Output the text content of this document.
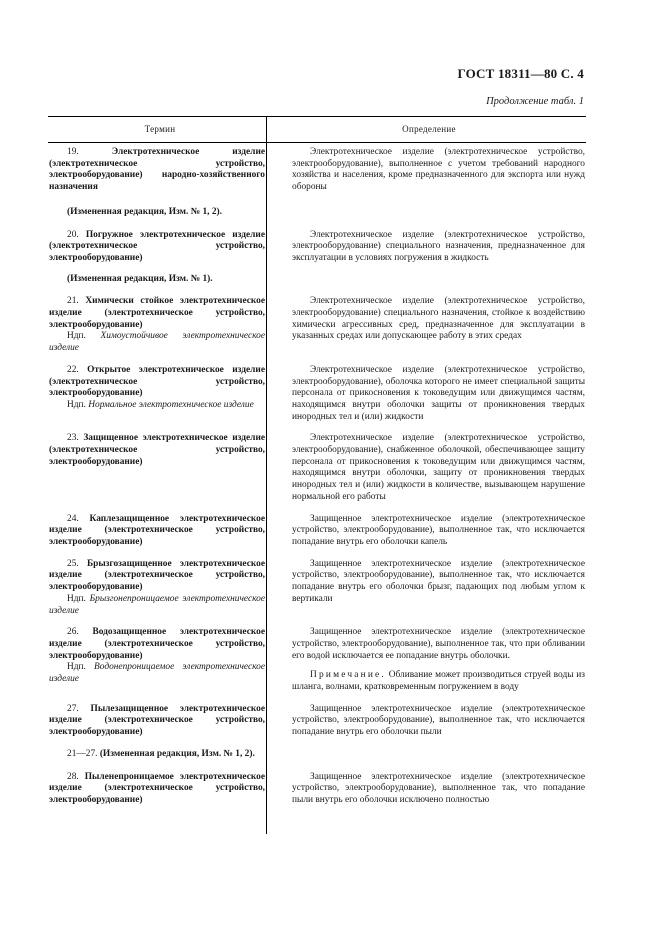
ГОСТ 18311—80 С. 4
Продолжение табл. 1
Термин	Определение
19.	Электротехническое изделие (электротехническое устройство, электрооборудование) народно-хозяйственного назначения
Электротехническое изделие (электротехническое устройство, электрооборудование), выполненное с учетом требований народного хозяйства и населения, кроме предназначенного для экспорта или нужд обороны
(Измененная редакция, Изм. № 1, 2).
20. Погружное электротехническое изделие (электротехническое устройство, электрооборудование)
Электротехническое изделие (электротехническое устройство, электрооборудование) специального назначения, предназначенное для эксплуатации в условиях погружения в жидкость
(Измененная редакция, Изм. № 1).
21. Химически стойкое электротехническое изделие (электротехническое устройство, электрооборудование)
Ндп. Химоустойчивое электротехническое изделие
Электротехническое изделие (электротехническое устройство, электрооборудование) специального назначения, стойкое к воздействию химически агрессивных сред, предназначенное для эксплуатации в указанных средах или допускающее работу в этих средах
22. Открытое электротехническое изделие (электротехническое устройство, электрооборудование)
Ндп. Нормальное электротехническое изделие
Электротехническое изделие (электротехническое устройство, электрооборудование), оболочка которого не имеет специальной защиты персонала от прикосновения к токоведущим или движущимся частям, находящимся внутри оболочки защиты от проникновения твердых инородных тел и (или) жидкости
23. Защищенное электротехническое изделие (электротехническое устройство, электрооборудование)
Электротехническое изделие (электротехническое устройство, электрооборудование), снабженное оболочкой, обеспечивающее защиту персонала от прикосновения к токоведущим или движущимся частям, находящимся внутри оболочки, защиту от проникновения твердых инородных тел и (или) жидкости в количестве, вызывающем нарушение нормальной его работы
24. Каплезащищенное электротехническое изделие (электротехническое устройство, электрооборудование)
Защищенное электротехническое изделие (электротехническое устройство, электрооборудование), выполненное так, что исключается попадание внутрь его оболочки капель
25. Брызгозащищенное электротехническое изделие (электротехническое устройство, электрооборудование)
Ндп. Брызгонепроницаемое электротехническое изделие
Защищенное электротехническое изделие (электротехническое устройство, электрооборудование), выполненное так, что исключается попадание внутрь его оболочки брызг, падающих под любым углом к вертикали
26. Водозащищенное электротехническое изделие (электротехническое устройство, электрооборудование)
Ндп. Водонепроницаемое электротехническое изделие
Защищенное электротехническое изделие (электротехническое устройство, электрооборудование), выполненное так, что при обливании его водой исключается ее попадание внутрь оболочки.
Примечание. Обливание может производиться струей воды из шланга, волнами, кратковременным погружением в воду
27. Пылезащищенное электротехническое изделие (электротехническое устройство, электрооборудование)
Защищенное электротехническое изделие (электротехническое устройство, электрооборудование), выполненное так, что исключается попадание внутрь его оболочки пыли
21—27. (Измененная редакция, Изм. № 1, 2).
28. Пыленепроницаемое электротехническое изделие (электротехническое устройство, электрооборудование)
Защищенное электротехническое изделие (электротехническое устройство, электрооборудование), выполненное так, что попадание пыли внутрь его оболочки исключено полностью
